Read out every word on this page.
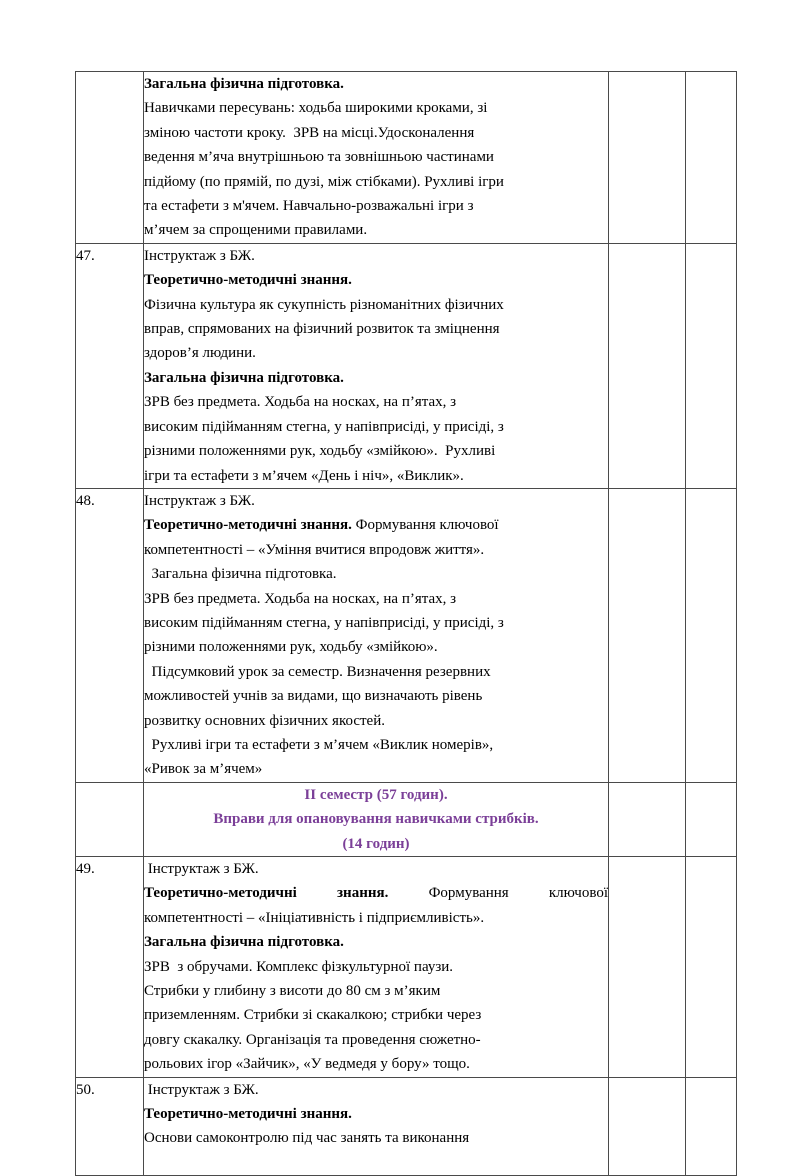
Загальна фізична підготовка.
Навичками пересувань: ходьба широкими кроками, зі
зміною частоти кроку.  ЗРВ на місці.Удосконалення
ведення м’яча внутрішньою та зовнішньою частинами
підйому (по прямій, по дузі, між стібками). Рухливі ігри
та естафети з м'ячем. Навчально-розважальні ігри з
м’ячем за спрощеними правилами.

47.	Інструктаж з БЖ.
Теоретично-методичні знання.
Фізична культура як сукупність різноманітних фізичних
вправ, спрямованих на фізичний розвиток та зміцнення
здоров’я людини.
Загальна фізична підготовка.
ЗРВ без предмета. Ходьба на носках, на п’ятах, з
високим підійманням стегна, у напівприсіді, у присіді, з
різними положеннями рук, ходьбу «змійкою».  Рухливі
ігри та естафети з м’ячем «День і ніч», «Виклик».

48.	Інструктаж з БЖ.
Теоретично-методичні знання. Формування ключової
компетентності – «Уміння вчитися впродовж життя».
Загальна фізична підготовка.
ЗРВ без предмета. Ходьба на носках, на п’ятах, з
високим підійманням стегна, у напівприсіді, у присіді, з
різними положеннями рук, ходьбу «змійкою».
Підсумковий урок за семестр. Визначення резервних
можливостей учнів за видами, що визначають рівень
розвитку основних фізичних якостей.
Рухливі ігри та естафети з м’ячем «Виклик номерів»,
«Ривок за м’ячем»

	ІІ семестр (57 годин).
Вправи для опановування навичками стрибків.
(14 годин)		

49.	Інструктаж з БЖ.
Теоретично-методичні  знання.  Формування  ключової
компетентності – «Ініціативність і підприємливість».
Загальна фізична підготовка.
ЗРВ  з обручами. Комплекс фізкультурної паузи.
Стрибки у глибину з висоти до 80 см з м’яким
приземленням. Стрибки зі скакалкою; стрибки через
довгу скакалку. Організація та проведення сюжетно-
рольових ігор «Зайчик», «У ведмедя у бору» тощо.

50.	Інструктаж з БЖ.
Теоретично-методичні знання.
Основи самоконтролю під час занять та виконання		
